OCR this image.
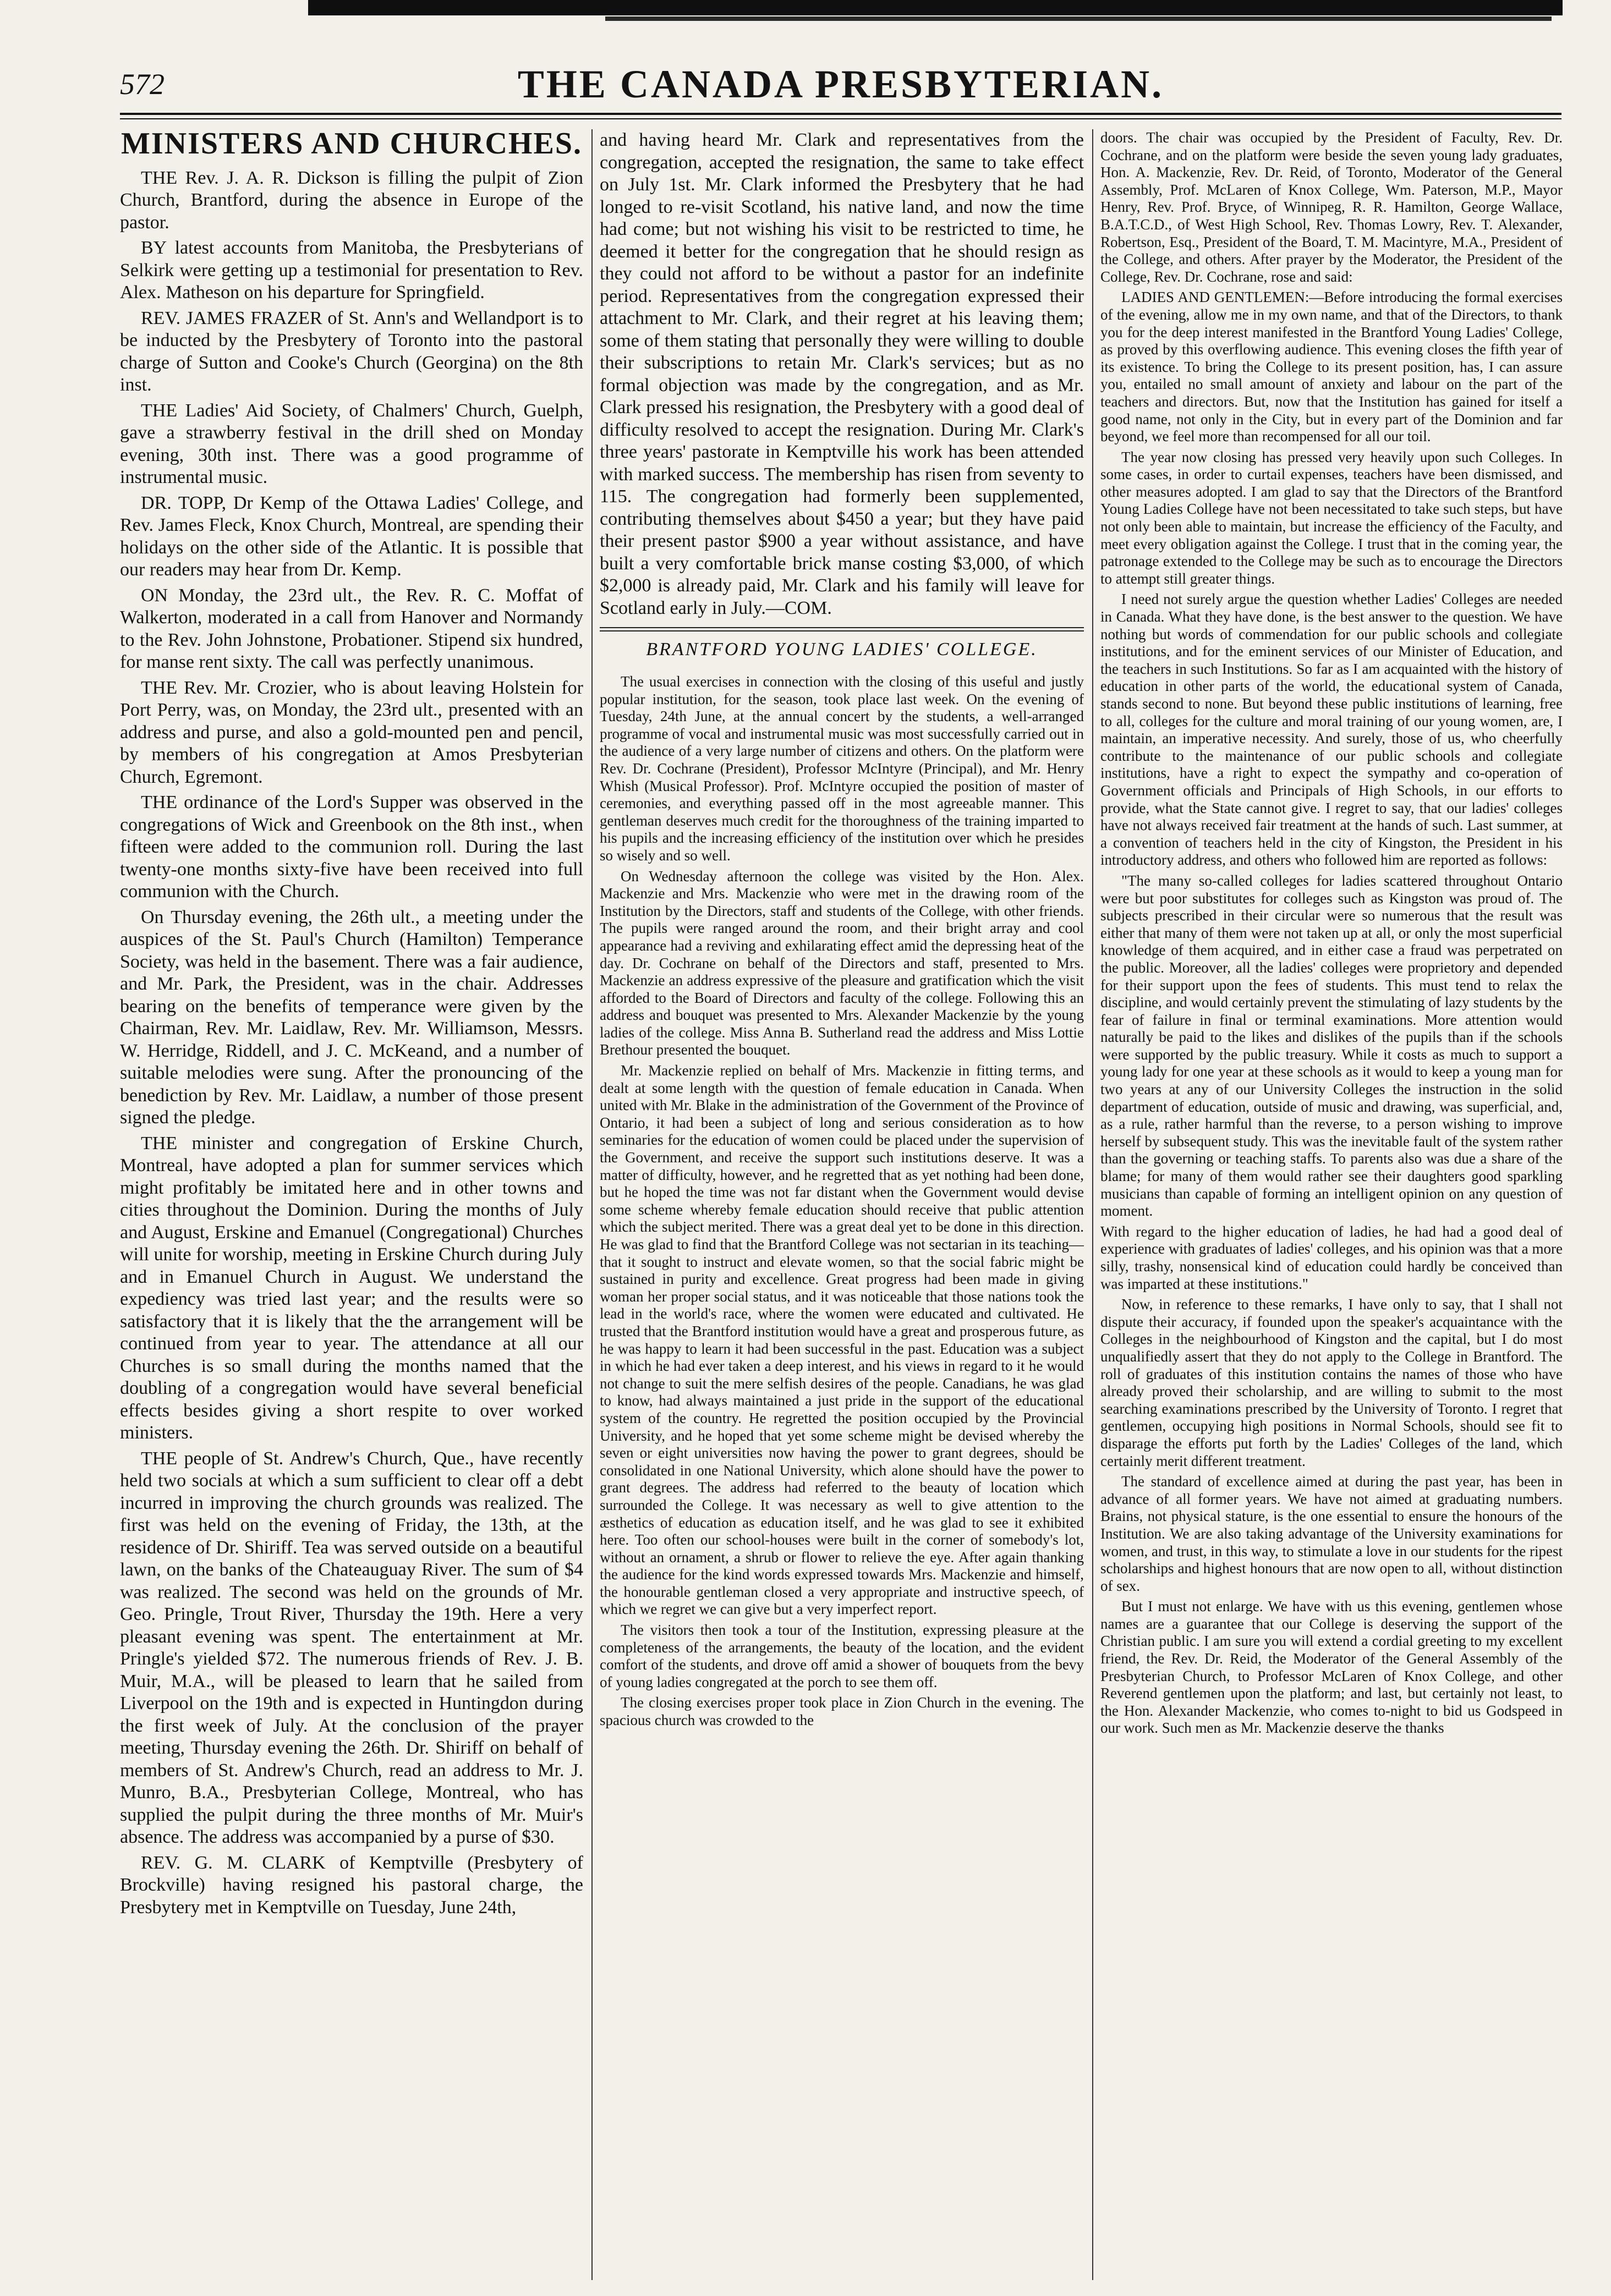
572	THE CANADA PRESBYTERIAN.
MINISTERS AND CHURCHES.

THE Rev. J. A. R. Dickson is filling the pulpit of Zion Church, Brantford, during the absence in Europe of the pastor.

BY latest accounts from Manitoba, the Presbyterians of Selkirk were getting up a testimonial for presentation to Rev. Alex. Matheson on his departure for Springfield.

REV. JAMES FRAZER of St. Ann's and Wellandport is to be inducted by the Presbytery of Toronto into the pastoral charge of Sutton and Cooke's Church (Georgina) on the 8th inst.

THE Ladies' Aid Society, of Chalmers' Church, Guelph, gave a strawberry festival in the drill shed on Monday evening, 30th inst. There was a good programme of instrumental music.

DR. TOPP, Dr Kemp of the Ottawa Ladies' College, and Rev. James Fleck, Knox Church, Montreal, are spending their holidays on the other side of the Atlantic. It is possible that our readers may hear from Dr. Kemp.

ON Monday, the 23rd ult., the Rev. R. C. Moffat of Walkerton, moderated in a call from Hanover and Normandy to the Rev. John Johnstone, Probationer. Stipend six hundred, for manse rent sixty. The call was perfectly unanimous.

THE Rev. Mr. Crozier, who is about leaving Holstein for Port Perry, was, on Monday, the 23rd ult., presented with an address and purse, and also a gold-mounted pen and pencil, by members of his congregation at Amos Presbyterian Church, Egremont.

THE ordinance of the Lord's Supper was observed in the congregations of Wick and Greenbook on the 8th inst., when fifteen were added to the communion roll. During the last twenty-one months sixty-five have been received into full communion with the Church.

On Thursday evening, the 26th ult., a meeting under the auspices of the St. Paul's Church (Hamilton) Temperance Society, was held in the basement. There was a fair audience, and Mr. Park, the President, was in the chair. Addresses bearing on the benefits of temperance were given by the Chairman, Rev. Mr. Laidlaw, Rev. Mr. Williamson, Messrs. W. Herridge, Riddell, and J. C. McKeand, and a number of suitable melodies were sung. After the pronouncing of the benediction by Rev. Mr. Laidlaw, a number of those present signed the pledge.

THE minister and congregation of Erskine Church, Montreal, have adopted a plan for summer services which might profitably be imitated here and in other towns and cities throughout the Dominion. During the months of July and August, Erskine and Emanuel (Congregational) Churches will unite for worship, meeting in Erskine Church during July and in Emanuel Church in August. We understand the expediency was tried last year; and the results were so satisfactory that it is likely that the the arrangement will be continued from year to year. The attendance at all our Churches is so small during the months named that the doubling of a congregation would have several beneficial effects besides giving a short respite to over worked ministers.

THE people of St. Andrew's Church, Que., have recently held two socials at which a sum sufficient to clear off a debt incurred in improving the church grounds was realized. The first was held on the evening of Friday, the 13th, at the residence of Dr. Shiriff. Tea was served outside on a beautiful lawn, on the banks of the Chateauguay River. The sum of $4 was realized. The second was held on the grounds of Mr. Geo. Pringle, Trout River, Thursday the 19th. Here a very pleasant evening was spent. The entertainment at Mr. Pringle's yielded $72. The numerous friends of Rev. J. B. Muir, M.A., will be pleased to learn that he sailed from Liverpool on the 19th and is expected in Huntingdon during the first week of July. At the conclusion of the prayer meeting, Thursday evening the 26th. Dr. Shiriff on behalf of members of St. Andrew's Church, read an address to Mr. J. Munro, B.A., Presbyterian College, Montreal, who has supplied the pulpit during the three months of Mr. Muir's absence. The address was accompanied by a purse of $30.

REV. G. M. CLARK of Kemptville (Presbytery of Brockville) having resigned his pastoral charge, the Presbytery met in Kemptville on Tuesday, June 24th,

and having heard Mr. Clark and representatives from the congregation, accepted the resignation, the same to take effect on July 1st. Mr. Clark informed the Presbytery that he had longed to re-visit Scotland, his native land, and now the time had come; but not wishing his visit to be restricted to time, he deemed it better for the congregation that he should resign as they could not afford to be without a pastor for an indefinite period. Representatives from the congregation expressed their attachment to Mr. Clark, and their regret at his leaving them; some of them stating that personally they were willing to double their subscriptions to retain Mr. Clark's services; but as no formal objection was made by the congregation, and as Mr. Clark pressed his resignation, the Presbytery with a good deal of difficulty resolved to accept the resignation. During Mr. Clark's three years' pastorate in Kemptville his work has been attended with marked success. The membership has risen from seventy to 115. The congregation had formerly been supplemented, contributing themselves about $450 a year; but they have paid their present pastor $900 a year without assistance, and have built a very comfortable brick manse costing $3,000, of which $2,000 is already paid, Mr. Clark and his family will leave for Scotland early in July.—COM.

BRANTFORD YOUNG LADIES' COLLEGE.

The usual exercises in connection with the closing of this useful and justly popular institution, for the season, took place last week. On the evening of Tuesday, 24th June, at the annual concert by the students, a well-arranged programme of vocal and instrumental music was most successfully carried out in the audience of a very large number of citizens and others. On the platform were Rev. Dr. Cochrane (President), Professor McIntyre (Principal), and Mr. Henry Whish (Musical Professor). Prof. McIntyre occupied the position of master of ceremonies, and everything passed off in the most agreeable manner. This gentleman deserves much credit for the thoroughness of the training imparted to his pupils and the increasing efficiency of the institution over which he presides so wisely and so well.

On Wednesday afternoon the college was visited by the Hon. Alex. Mackenzie and Mrs. Mackenzie who were met in the drawing room of the Institution by the Directors, staff and students of the College, with other friends. The pupils were ranged around the room, and their bright array and cool appearance had a reviving and exhilarating effect amid the depressing heat of the day. Dr. Cochrane on behalf of the Directors and staff, presented to Mrs. Mackenzie an address expressive of the pleasure and gratification which the visit afforded to the Board of Directors and faculty of the college. Following this an address and bouquet was presented to Mrs. Alexander Mackenzie by the young ladies of the college. Miss Anna B. Sutherland read the address and Miss Lottie Brethour presented the bouquet.

Mr. Mackenzie replied on behalf of Mrs. Mackenzie in fitting terms, and dealt at some length with the question of female education in Canada. When united with Mr. Blake in the administration of the Government of the Province of Ontario, it had been a subject of long and serious consideration as to how seminaries for the education of women could be placed under the supervision of the Government, and receive the support such institutions deserve. It was a matter of difficulty, however, and he regretted that as yet nothing had been done, but he hoped the time was not far distant when the Government would devise some scheme whereby female education should receive that public attention which the subject merited. There was a great deal yet to be done in this direction. He was glad to find that the Brantford College was not sectarian in its teaching—that it sought to instruct and elevate women, so that the social fabric might be sustained in purity and excellence. Great progress had been made in giving woman her proper social status, and it was noticeable that those nations took the lead in the world's race, where the women were educated and cultivated. He trusted that the Brantford institution would have a great and prosperous future, as he was happy to learn it had been successful in the past. Education was a subject in which he had ever taken a deep interest, and his views in regard to it he would not change to suit the mere selfish desires of the people. Canadians, he was glad to know, had always maintained a just pride in the support of the educational system of the country. He regretted the position occupied by the Provincial University, and he hoped that yet some scheme might be devised whereby the seven or eight universities now having the power to grant degrees, should be consolidated in one National University, which alone should have the power to grant degrees. The address had referred to the beauty of location which surrounded the College. It was necessary as well to give attention to the æsthetics of education as education itself, and he was glad to see it exhibited here. Too often our school-houses were built in the corner of somebody's lot, without an ornament, a shrub or flower to relieve the eye. After again thanking the audience for the kind words expressed towards Mrs. Mackenzie and himself, the honourable gentleman closed a very appropriate and instructive speech, of which we regret we can give but a very imperfect report.

The visitors then took a tour of the Institution, expressing pleasure at the completeness of the arrangements, the beauty of the location, and the evident comfort of the students, and drove off amid a shower of bouquets from the bevy of young ladies congregated at the porch to see them off.

The closing exercises proper took place in Zion Church in the evening. The spacious church was crowded to the

doors. The chair was occupied by the President of Faculty, Rev. Dr. Cochrane, and on the platform were beside the seven young lady graduates, Hon. A. Mackenzie, Rev. Dr. Reid, of Toronto, Moderator of the General Assembly, Prof. McLaren of Knox College, Wm. Paterson, M.P., Mayor Henry, Rev. Prof. Bryce, of Winnipeg, R. R. Hamilton, George Wallace, B.A.T.C.D., of West High School, Rev. Thomas Lowry, Rev. T. Alexander, Robertson, Esq., President of the Board, T. M. Macintyre, M.A., President of the College, and others. After prayer by the Moderator, the President of the College, Rev. Dr. Cochrane, rose and said:

LADIES AND GENTLEMEN:—Before introducing the formal exercises of the evening, allow me in my own name, and that of the Directors, to thank you for the deep interest manifested in the Brantford Young Ladies' College, as proved by this overflowing audience. This evening closes the fifth year of its existence. To bring the College to its present position, has, I can assure you, entailed no small amount of anxiety and labour on the part of the teachers and directors. But, now that the Institution has gained for itself a good name, not only in the City, but in every part of the Dominion and far beyond, we feel more than recompensed for all our toil.

The year now closing has pressed very heavily upon such Colleges. In some cases, in order to curtail expenses, teachers have been dismissed, and other measures adopted. I am glad to say that the Directors of the Brantford Young Ladies College have not been necessitated to take such steps, but have not only been able to maintain, but increase the efficiency of the Faculty, and meet every obligation against the College. I trust that in the coming year, the patronage extended to the College may be such as to encourage the Directors to attempt still greater things.

I need not surely argue the question whether Ladies' Colleges are needed in Canada. What they have done, is the best answer to the question. We have nothing but words of commendation for our public schools and collegiate institutions, and for the eminent services of our Minister of Education, and the teachers in such Institutions. So far as I am acquainted with the history of education in other parts of the world, the educational system of Canada, stands second to none. But beyond these public institutions of learning, free to all, colleges for the culture and moral training of our young women, are, I maintain, an imperative necessity. And surely, those of us, who cheerfully contribute to the maintenance of our public schools and collegiate institutions, have a right to expect the sympathy and co-operation of Government officials and Principals of High Schools, in our efforts to provide, what the State cannot give. I regret to say, that our ladies' colleges have not always received fair treatment at the hands of such. Last summer, at a convention of teachers held in the city of Kingston, the President in his introductory address, and others who followed him are reported as follows:

"The many so-called colleges for ladies scattered throughout Ontario were but poor substitutes for colleges such as Kingston was proud of. The subjects prescribed in their circular were so numerous that the result was either that many of them were not taken up at all, or only the most superficial knowledge of them acquired, and in either case a fraud was perpetrated on the public. Moreover, all the ladies' colleges were proprietory and depended for their support upon the fees of students. This must tend to relax the discipline, and would certainly prevent the stimulating of lazy students by the fear of failure in final or terminal examinations. More attention would naturally be paid to the likes and dislikes of the pupils than if the schools were supported by the public treasury. While it costs as much to support a young lady for one year at these schools as it would to keep a young man for two years at any of our University Colleges the instruction in the solid department of education, outside of music and drawing, was superficial, and, as a rule, rather harmful than the reverse, to a person wishing to improve herself by subsequent study. This was the inevitable fault of the system rather than the governing or teaching staffs. To parents also was due a share of the blame; for many of them would rather see their daughters good sparkling musicians than capable of forming an intelligent opinion on any question of moment.

With regard to the higher education of ladies, he had had a good deal of experience with graduates of ladies' colleges, and his opinion was that a more silly, trashy, nonsensical kind of education could hardly be conceived than was imparted at these institutions."

Now, in reference to these remarks, I have only to say, that I shall not dispute their accuracy, if founded upon the speaker's acquaintance with the Colleges in the neighbourhood of Kingston and the capital, but I do most unqualifiedly assert that they do not apply to the College in Brantford. The roll of graduates of this institution contains the names of those who have already proved their scholarship, and are willing to submit to the most searching examinations prescribed by the University of Toronto. I regret that gentlemen, occupying high positions in Normal Schools, should see fit to disparage the efforts put forth by the Ladies' Colleges of the land, which certainly merit different treatment.

The standard of excellence aimed at during the past year, has been in advance of all former years. We have not aimed at graduating numbers. Brains, not physical stature, is the one essential to ensure the honours of the Institution. We are also taking advantage of the University examinations for women, and trust, in this way, to stimulate a love in our students for the ripest scholarships and highest honours that are now open to all, without distinction of sex.

But I must not enlarge. We have with us this evening, gentlemen whose names are a guarantee that our College is deserving the support of the Christian public. I am sure you will extend a cordial greeting to my excellent friend, the Rev. Dr. Reid, the Moderator of the General Assembly of the Presbyterian Church, to Professor McLaren of Knox College, and other Reverend gentlemen upon the platform; and last, but certainly not least, to the Hon. Alexander Mackenzie, who comes to-night to bid us Godspeed in our work. Such men as Mr. Mackenzie deserve the thanks
